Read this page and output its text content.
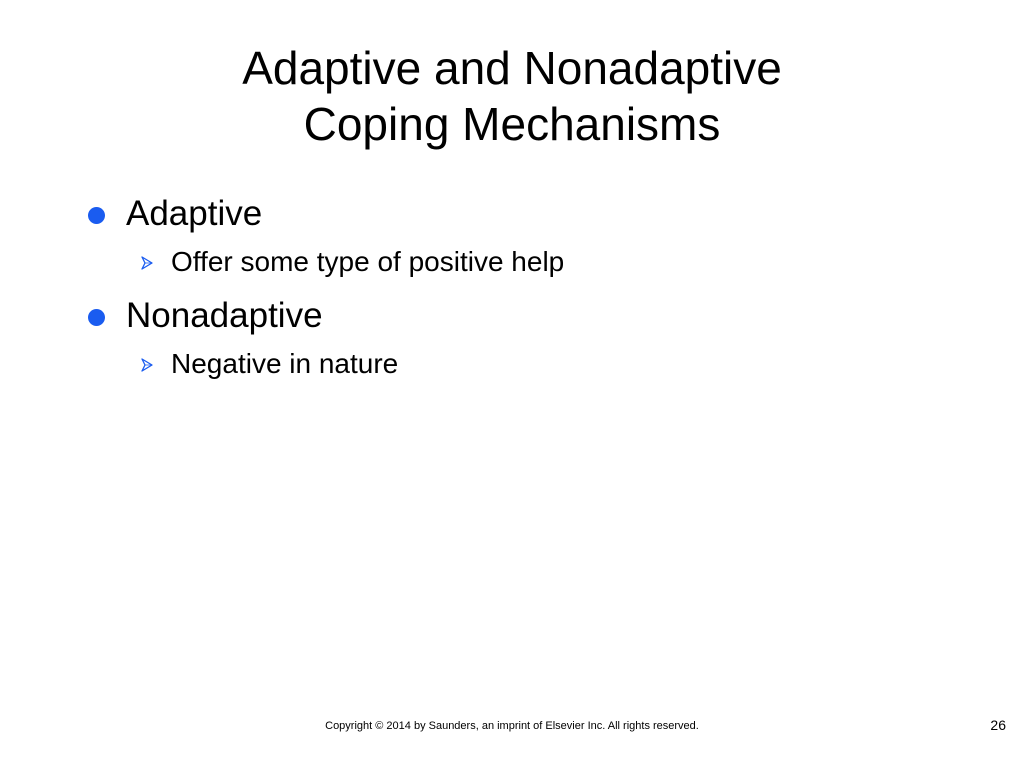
Adaptive and Nonadaptive
Coping Mechanisms
Adaptive
Offer some type of positive help
Nonadaptive
Negative in nature
Copyright © 2014 by Saunders, an imprint of Elsevier Inc. All rights reserved.	26
